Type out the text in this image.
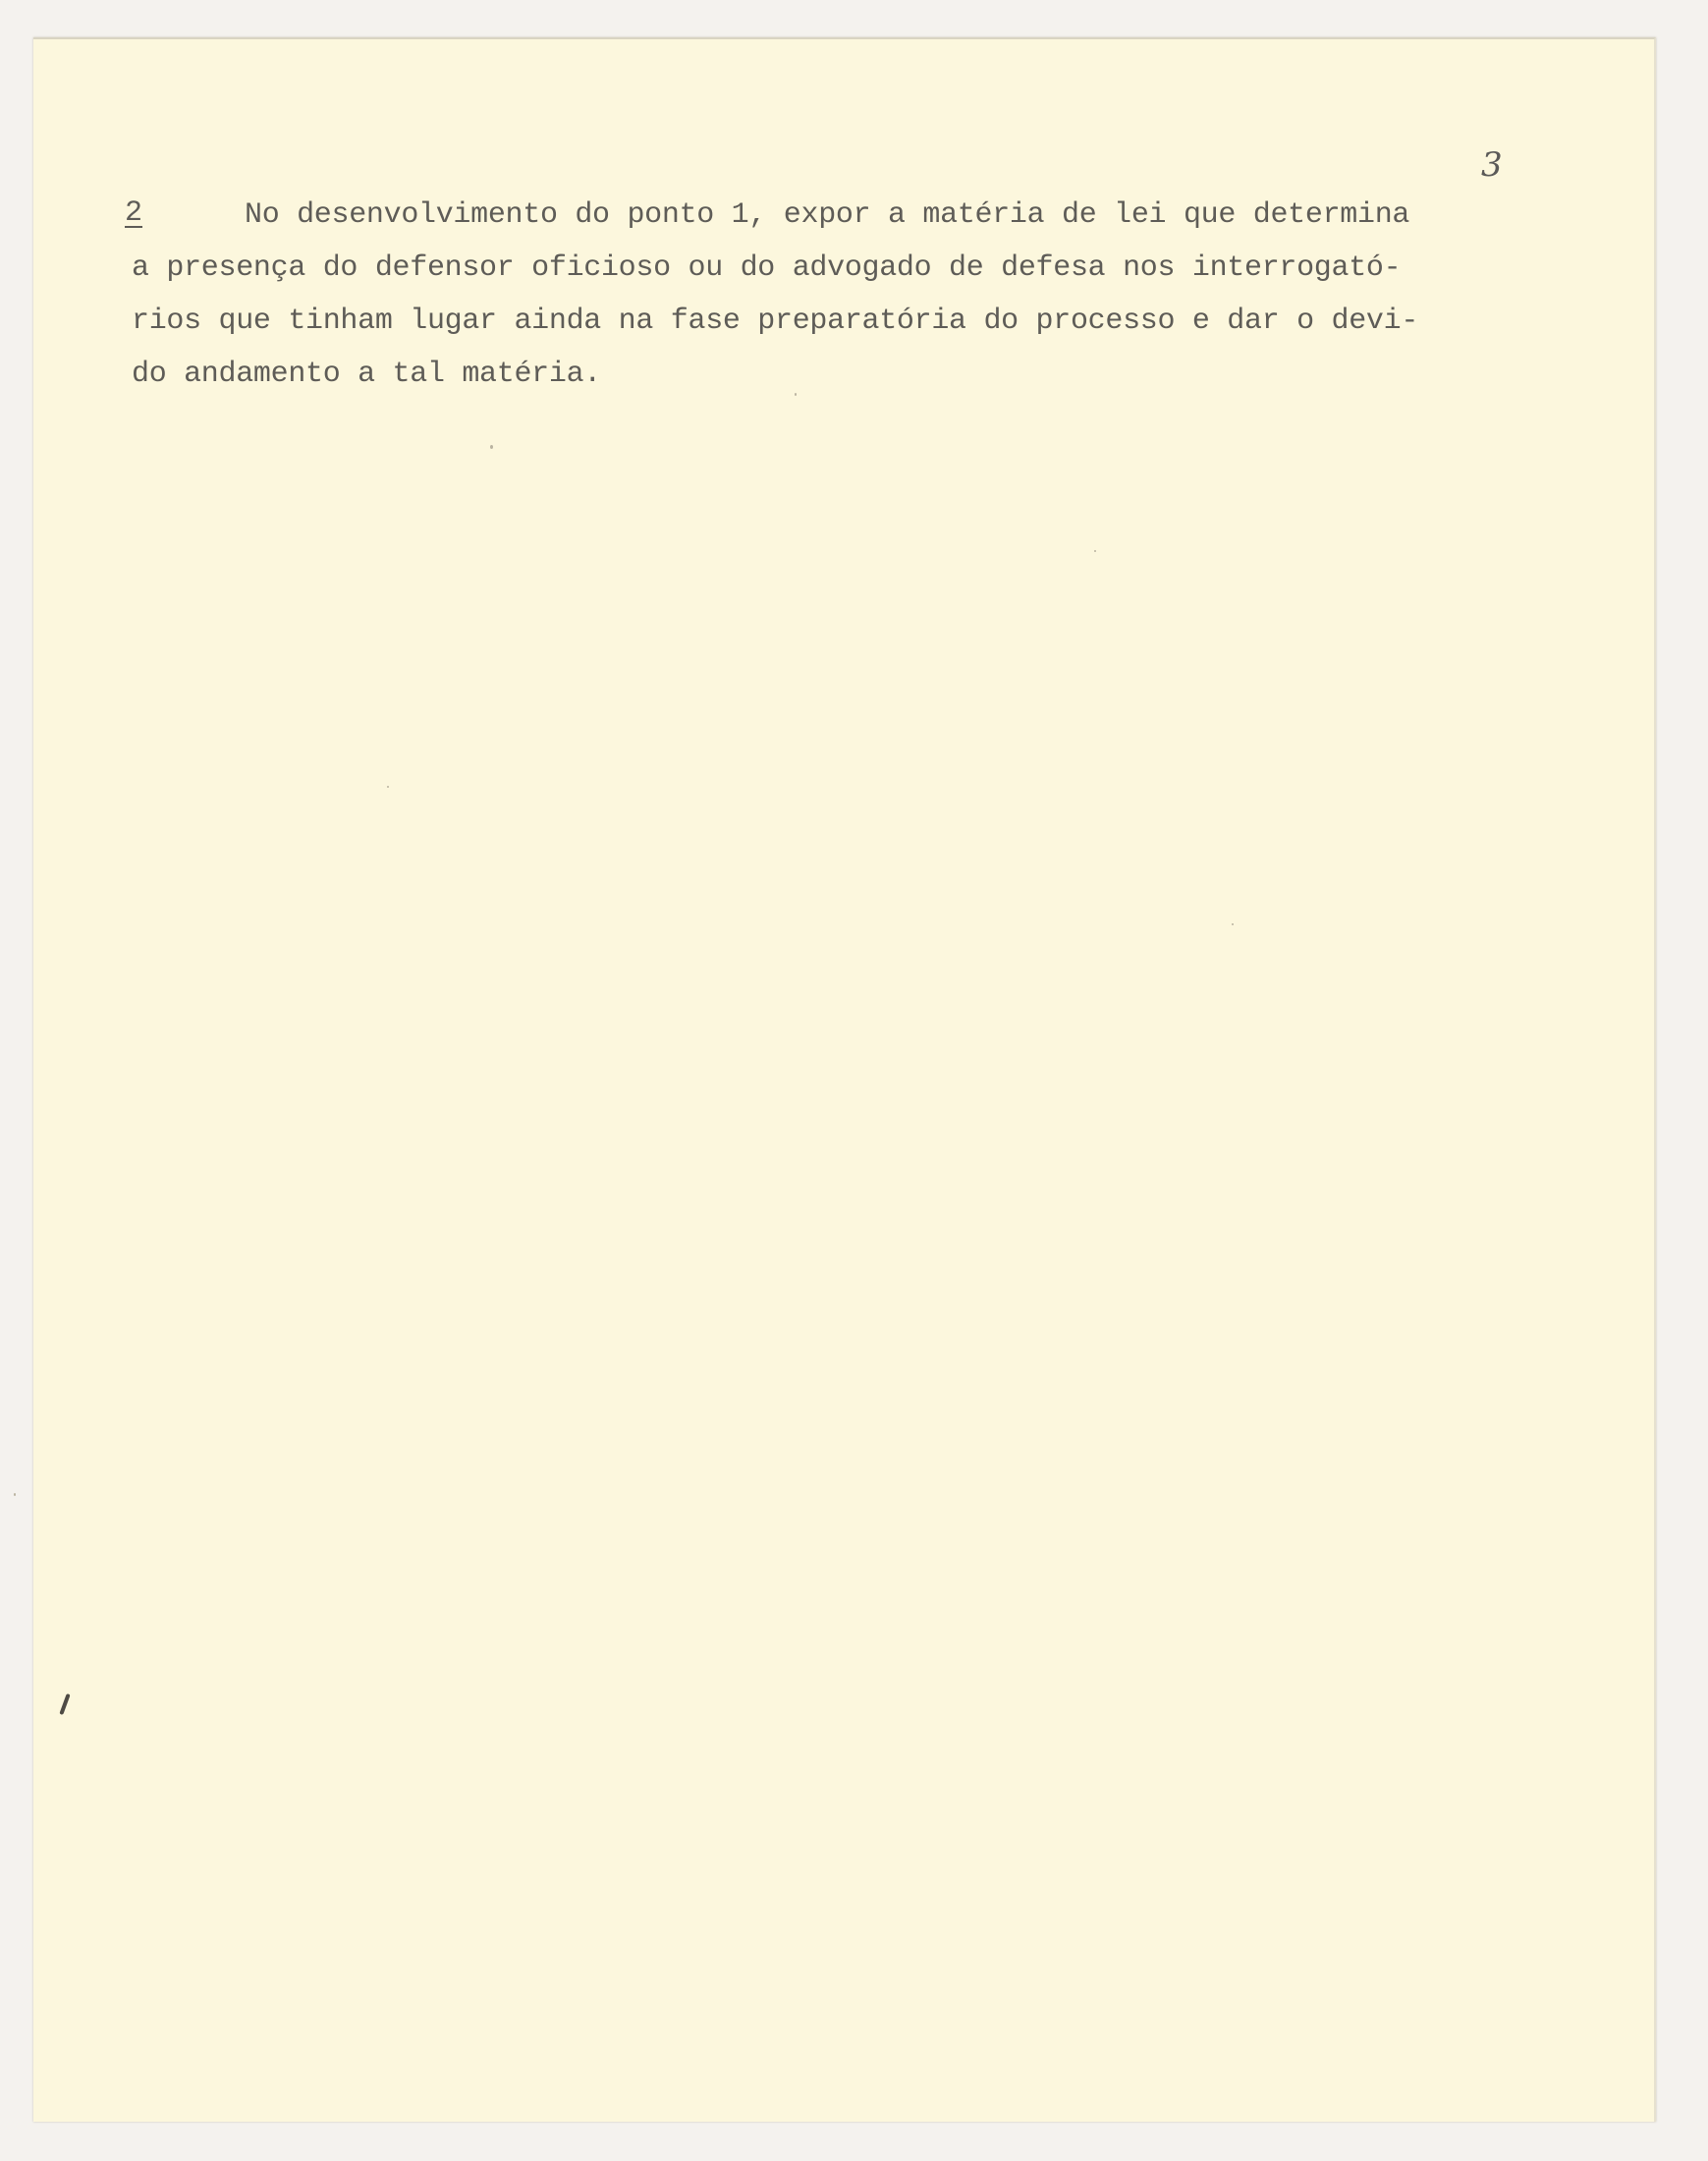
3
2	No desenvolvimento do ponto 1, expor a matéria de lei que determina
a presença do defensor oficioso ou do advogado de defesa nos interrogató-
rios que tinham lugar ainda na fase preparatória do processo e dar o devi-
do andamento a tal matéria.
